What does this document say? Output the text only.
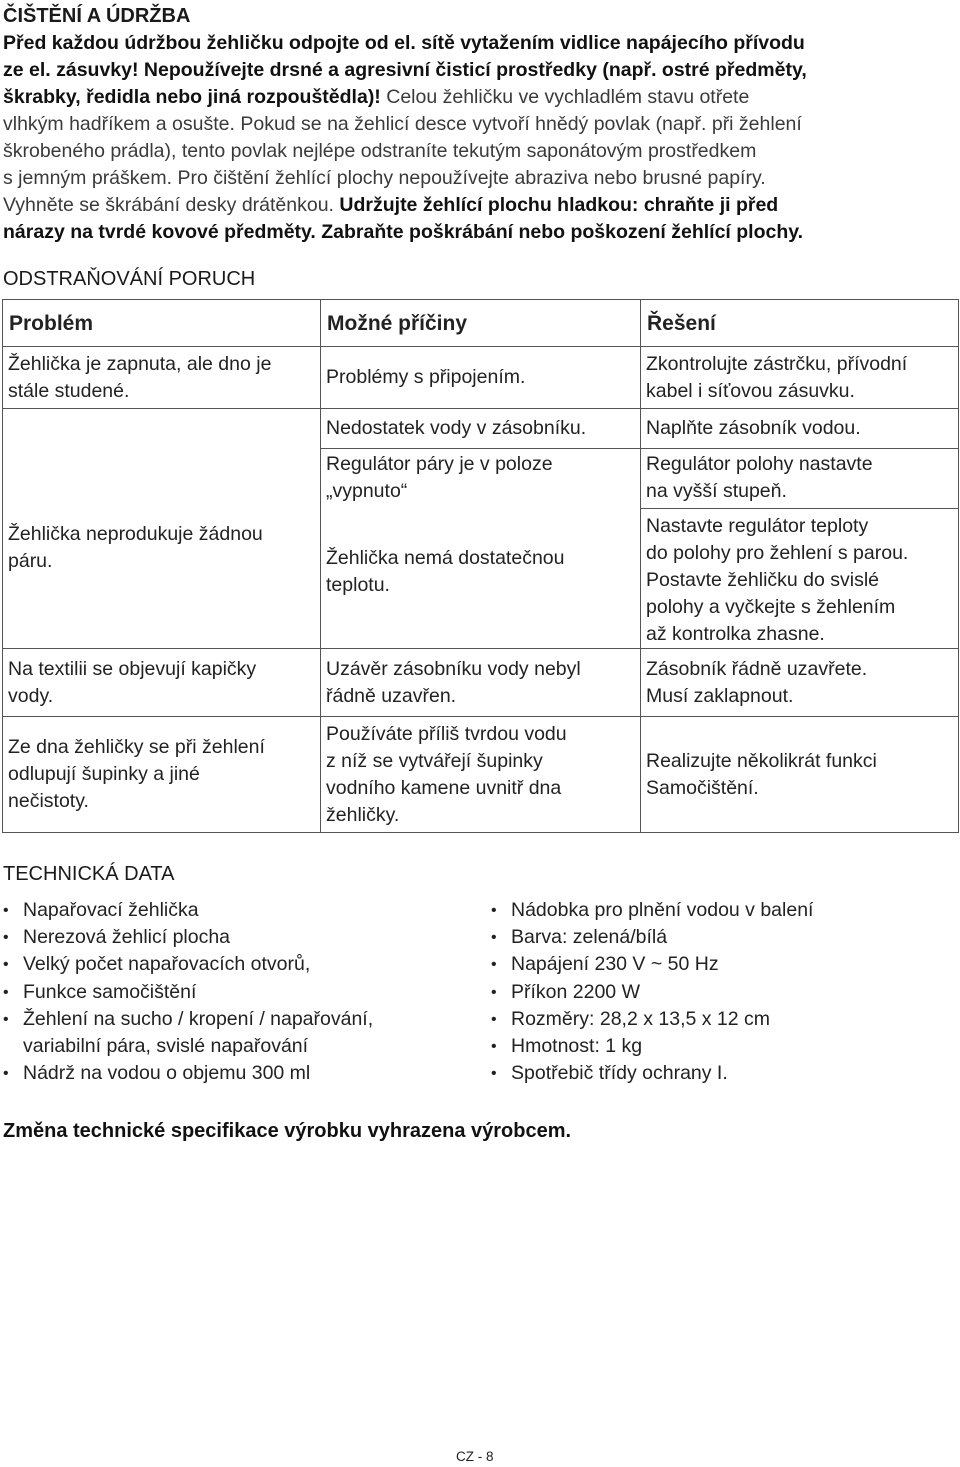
ČIŠTĚNÍ A ÚDRŽBA
Před každou údržbou žehličku odpojte od el. sítě vytažením vidlice napájecího přívodu
ze el. zásuvky! Nepoužívejte drsné a agresivní čisticí prostředky (např. ostré předměty,
škrabky, ředidla nebo jiná rozpouštědla)! Celou žehličku ve vychladlém stavu otřete
vlhkým hadříkem a osušte. Pokud se na žehlicí desce vytvoří hnědý povlak (např. při žehlení
škrobeného prádla), tento povlak nejlépe odstraníte tekutým saponátovým prostředkem
s jemným práškem. Pro čištění žehlící plochy nepoužívejte abraziva nebo brusné papíry.
Vyhněte se škrábání desky drátěnkou. Udržujte žehlící plochu hladkou: chraňte ji před
nárazy na tvrdé kovové předměty. Zabraňte poškrábání nebo poškození žehlící plochy.
ODSTRAŇOVÁNÍ PORUCH
Problém	Možné příčiny	Řešení

Žehlička je zapnuta, ale dno je
stále studené.	Problémy s připojením.	Zkontrolujte zástrčku, přívodní
kabel i síťovou zásuvku.

	Nedostatek vody v zásobníku.	Naplňte zásobník vodou.

Žehlička neprodukuje žádnou
páru.	Regulátor páry je v poloze
„vypnuto“	Regulátor polohy nastavte
na vyšší stupeň.

	Žehlička nemá dostatečnou
teplotu.	Nastavte regulátor teploty
do polohy pro žehlení s parou.
Postavte žehličku do svislé
polohy a vyčkejte s žehlením
až kontrolka zhasne.

Na textilii se objevují kapičky
vody.	Uzávěr zásobníku vody nebyl
řádně uzavřen.	Zásobník řádně uzavřete.
Musí zaklapnout.

Ze dna žehličky se při žehlení
odlupují šupinky a jiné
nečistoty.	Používáte příliš tvrdou vodu
z níž se vytvářejí šupinky
vodního kamene uvnitř dna
žehličky.	Realizujte několikrát funkci
Samočištění.
TECHNICKÁ DATA
• Napařovací žehlička
• Nerezová žehlicí plocha
• Velký počet napařovacích otvorů,
• Funkce samočištění
• Žehlení na sucho / kropení / napařování,
variabilní pára, svislé napařování
• Nádrž na vodou o objemu 300 ml
• Nádobka pro plnění vodou v balení
• Barva: zelená/bílá
• Napájení 230 V ~ 50 Hz
• Příkon 2200 W
• Rozměry: 28,2 x 13,5 x 12 cm
• Hmotnost: 1 kg
• Spotřebič třídy ochrany I.
Změna technické specifikace výrobku vyhrazena výrobcem.
CZ - 8
